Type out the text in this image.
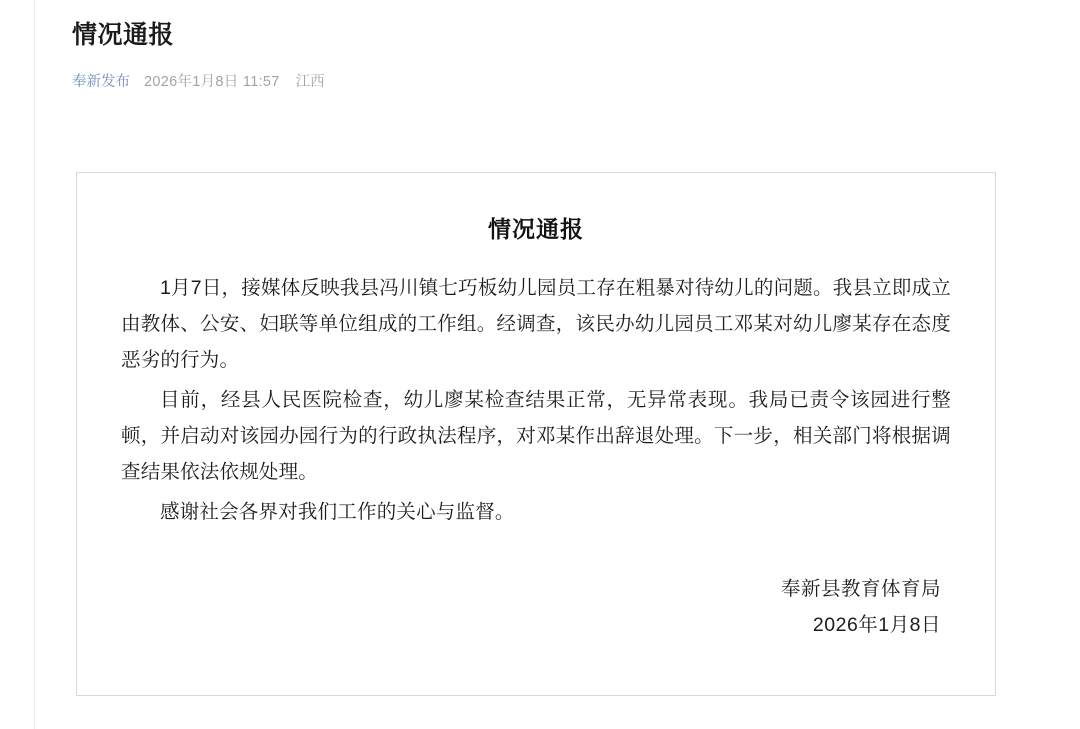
情况通报
奉新发布 2026年1月8日 11:57 江西
情况通报

1月7日，接媒体反映我县冯川镇七巧板幼儿园员工存在粗暴对待幼儿的问题。我县立即成立由教体、公安、妇联等单位组成的工作组。经调查，该民办幼儿园员工邓某对幼儿廖某存在态度恶劣的行为。

目前，经县人民医院检查，幼儿廖某检查结果正常，无异常表现。我局已责令该园进行整顿，并启动对该园办园行为的行政执法程序，对邓某作出辞退处理。下一步，相关部门将根据调查结果依法依规处理。

感谢社会各界对我们工作的关心与监督。

奉新县教育体育局
2026年1月8日
